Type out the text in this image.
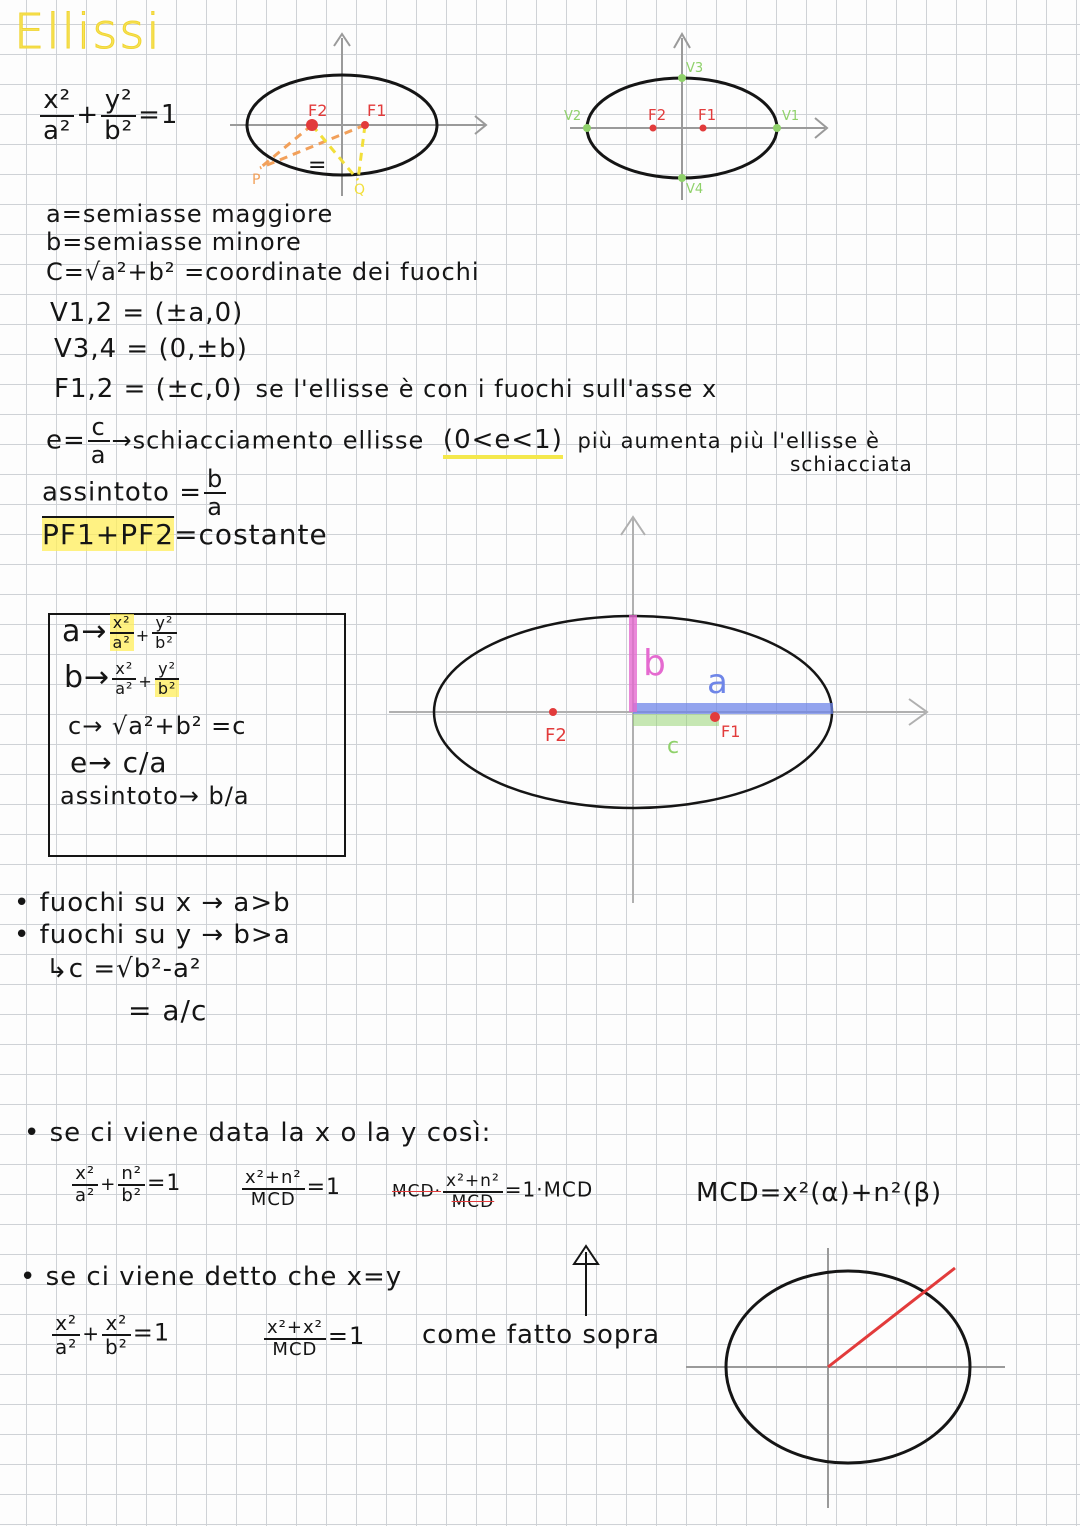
Ellissi
$\frac{\text{x²}}{\text{a²}} + \frac{\text{y²}}{\text{b²}} =1$	F2 F1
P
Q
=
V3
V4
V2	V1
F2 F1
a=semiasse maggiore
b=semiasse minore
C=√a²+b² =coordinate dei fuochi
V1,2 = (±a,0)
V3,4 = (0,±b)
F1,2 = (±c,0) se l'ellisse è con i fuochi sull'asse x
$e= \frac{c}{a}$ →schiacciamento ellisse (0<e<1) più aumenta più l'ellisse è
schiacciata
assintoto = $\frac{b}{a}$
PF1+PF2=costante
$a\to \frac{\text{x²}}{\text{a²}} + \frac{\text{y²}}{\text{b²}}$
$b\to \frac{\text{x²}}{\text{a²}} + \frac{\text{y²}}{\text{b²}}$
c→ √a²+b² =c
e→ c/a
assintoto→ b/a
b a
c
F2	F1
• fuochi su x → a>b
• fuochi su y → b>a
↳c =√b²-a²
= a/c
• se ci viene data la x o la y così:
$\frac{\text{x²}}{\text{a²}} + \frac{\text{n²}}{\text{b²}} =1$	$\frac{\text{x²+n²}}{\text{MCD}} =1$	$MCD\cdot \frac{\text{x²+n²}}{\text{MCD}} =1\cdot MCD$	MCD=x²(α)+n²(β)
• se ci viene detto che x=y
$\frac{\text{x²}}{\text{a²}} + \frac{\text{x²}}{\text{b²}} =1$	$\frac{\text{x²+x²}}{\text{MCD}} =1$ come fatto sopra
